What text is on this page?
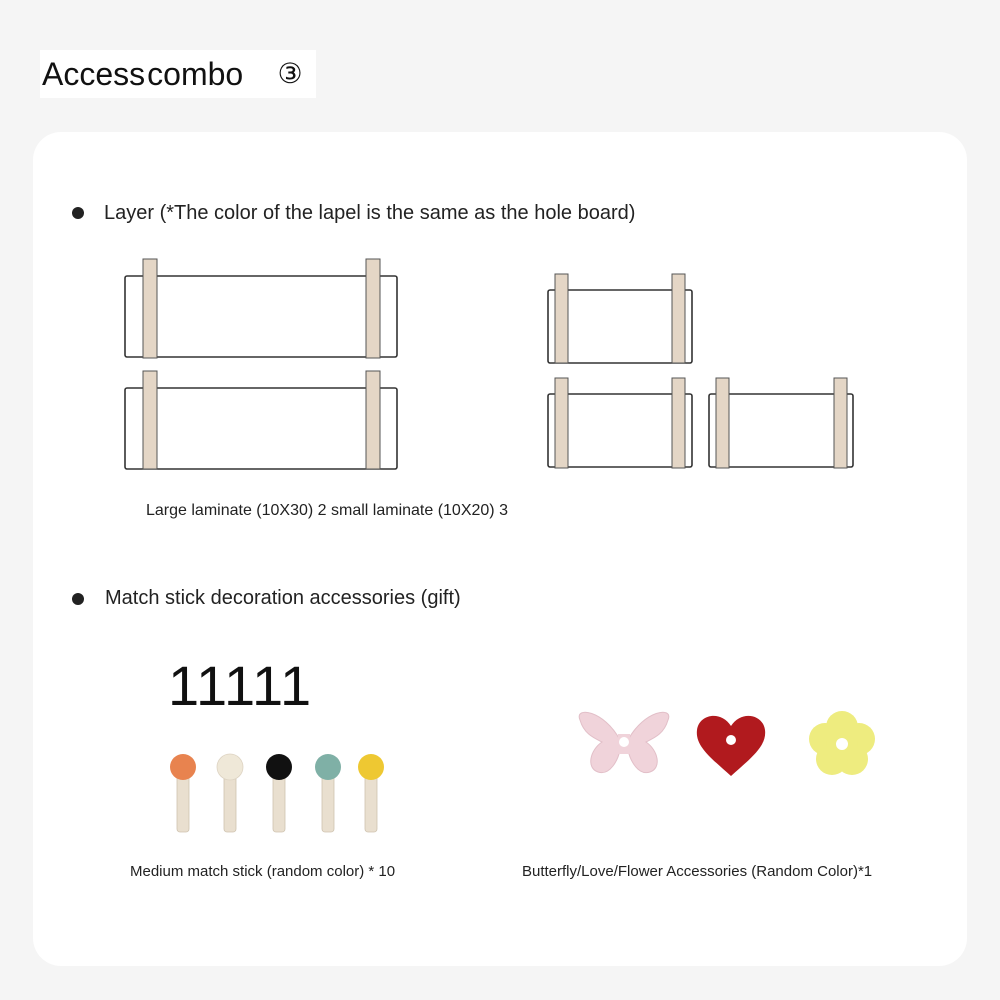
Access combo	③
Layer (*The color of the lapel is the same as the hole board)
Large laminate (10X30) 2 small laminate (10X20) 3
Match stick decoration accessories (gift)
11111
Medium match stick (random color) * 10	Butterfly/Love/Flower Accessories (Random Color)*1
